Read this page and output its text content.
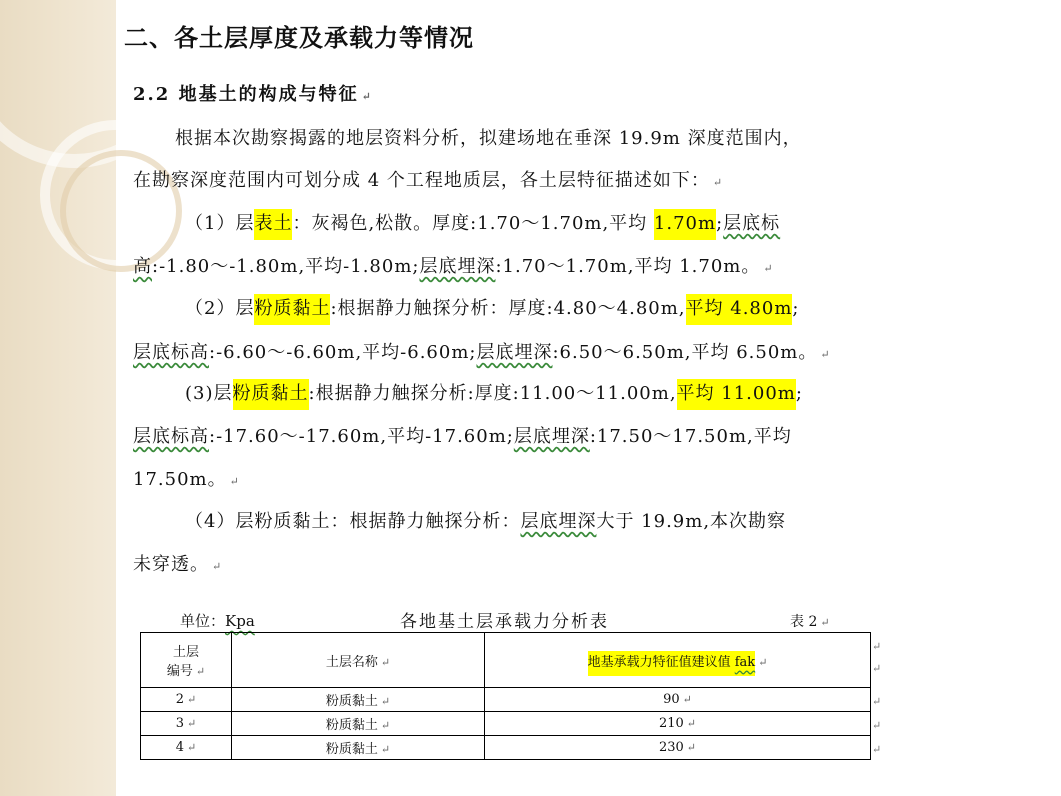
二、各土层厚度及承载力等情况
2.2 地基土的构成与特征 ↵
根据本次勘察揭露的地层资料分析，拟建场地在垂深 19.9m 深度范围内，
在勘察深度范围内可划分成 4 个工程地质层，各土层特征描述如下： ↵
（1）层表土：灰褐色,松散。厚度:1.70～1.70m,平均 1.70m;层底标
高:-1.80～-1.80m,平均-1.80m;层底埋深:1.70～1.70m,平均 1.70m。 ↵
（2）层粉质黏土:根据静力触探分析：厚度:4.80～4.80m,平均 4.80m;
层底标高:-6.60～-6.60m,平均-6.60m;层底埋深:6.50～6.50m,平均 6.50m。 ↵
(3)层粉质黏土:根据静力触探分析:厚度:11.00～11.00m,平均 11.00m;
层底标高:-17.60～-17.60m,平均-17.60m;层底埋深:17.50～17.50m,平均
17.50m。 ↵
（4）层粉质黏土：根据静力触探分析：层底埋深大于 19.9m,本次勘察
未穿透。 ↵
单位：Kpa	各地基土层承载力分析表	表 2 ↵
土层
编号 ↵	土层名称 ↵	地基承载力特征值建议值 fak ↵
2 ↵	粉质黏土 ↵	90 ↵
3 ↵	粉质黏土 ↵	210 ↵
4 ↵	粉质黏土 ↵	230 ↵
↵
↵
↵
↵
↵
